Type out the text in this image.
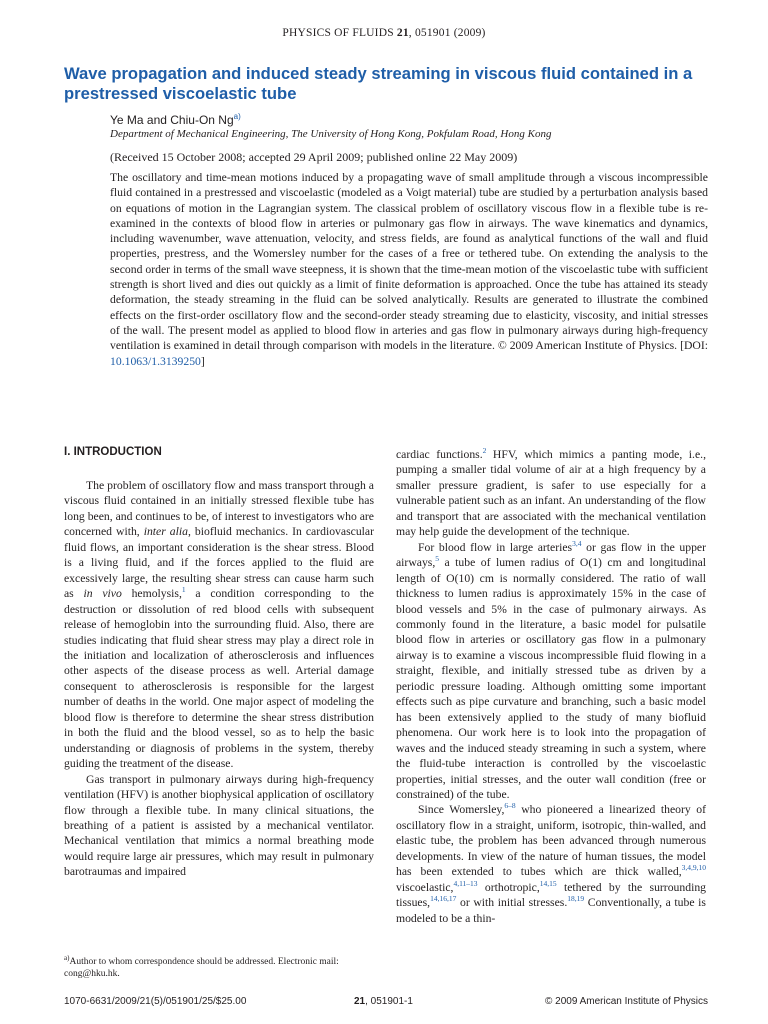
PHYSICS OF FLUIDS 21, 051901 (2009)
Wave propagation and induced steady streaming in viscous fluid contained in a prestressed viscoelastic tube
Ye Ma and Chiu-On Ng$^{a)}$
Department of Mechanical Engineering, The University of Hong Kong, Pokfulam Road, Hong Kong
(Received 15 October 2008; accepted 29 April 2009; published online 22 May 2009)

The oscillatory and time-mean motions induced by a propagating wave of small amplitude through a viscous incompressible fluid contained in a prestressed and viscoelastic (modeled as a Voigt material) tube are studied by a perturbation analysis based on equations of motion in the Lagrangian system. The classical problem of oscillatory viscous flow in a flexible tube is re-examined in the contexts of blood flow in arteries or pulmonary gas flow in airways. The wave kinematics and dynamics, including wavenumber, wave attenuation, velocity, and stress fields, are found as analytical functions of the wall and fluid properties, prestress, and the Womersley number for the cases of a free or tethered tube. On extending the analysis to the second order in terms of the small wave steepness, it is shown that the time-mean motion of the viscoelastic tube with sufficient strength is short lived and dies out quickly as a limit of finite deformation is approached. Once the tube has attained its steady deformation, the steady streaming in the fluid can be solved analytically. Results are generated to illustrate the combined effects on the first-order oscillatory flow and the second-order steady streaming due to elasticity, viscosity, and initial stresses of the wall. The present model as applied to blood flow in arteries and gas flow in pulmonary airways during high-frequency ventilation is examined in detail through comparison with models in the literature. © 2009 American Institute of Physics. [DOI: 10.1063/1.3139250]

I. INTRODUCTION

The problem of oscillatory flow and mass transport through a viscous fluid contained in an initially stressed flexible tube has long been, and continues to be, of interest to investigators who are concerned with, inter alia, biofluid mechanics. In cardiovascular fluid flows, an important consideration is the shear stress. Blood is a living fluid, and if the forces applied to the fluid are excessively large, the resulting shear stress can cause harm such as in vivo hemolysis,$^1$ a condition corresponding to the destruction or dissolution of red blood cells with subsequent release of hemoglobin into the surrounding fluid. Also, there are studies indicating that fluid shear stress may play a direct role in the initiation and localization of atherosclerosis and influences other aspects of the disease process as well. Arterial damage consequent to atherosclerosis is responsible for the largest number of deaths in the world. One major aspect of modeling the blood flow is therefore to determine the shear stress distribution in both the fluid and the blood vessel, so as to help the basic understanding or diagnosis of problems in the system, thereby guiding the treatment of the disease.

Gas transport in pulmonary airways during high-frequency ventilation (HFV) is another biophysical application of oscillatory flow through a flexible tube. In many clinical situations, the breathing of a patient is assisted by a mechanical ventilator. Mechanical ventilation that mimics a normal breathing mode would require large air pressures, which may result in pulmonary barotraumas and impaired

cardiac functions.$^2$ HFV, which mimics a panting mode, i.e., pumping a smaller tidal volume of air at a high frequency by a smaller pressure gradient, is safer to use especially for a vulnerable patient such as an infant. An understanding of the flow and transport that are associated with the mechanical ventilation may help guide the development of the technique.

For blood flow in large arteries$^{3,4}$ or gas flow in the upper airways,$^5$ a tube of lumen radius of O(1) cm and longitudinal length of O(10) cm is normally considered. The ratio of wall thickness to lumen radius is approximately 15% in the case of blood vessels and 5% in the case of pulmonary airways. As commonly found in the literature, a basic model for pulsatile blood flow in arteries or oscillatory gas flow in a pulmonary airway is to examine a viscous incompressible fluid flowing in a straight, flexible, and initially stressed tube as driven by a periodic pressure loading. Although omitting some important effects such as pipe curvature and branching, such a basic model has been extensively applied to the study of many biofluid phenomena. Our work here is to look into the propagation of waves and the induced steady streaming in such a system, where the fluid-tube interaction is controlled by the viscoelastic properties, initial stresses, and the outer wall condition (free or constrained) of the tube.

Since Womersley,$^{6-8}$ who pioneered a linearized theory of oscillatory flow in a straight, uniform, isotropic, thin-walled, and elastic tube, the problem has been advanced through numerous developments. In view of the nature of human tissues, the model has been extended to tubes which are thick walled,$^{3,4,9,10}$ viscoelastic,$^{4,11-13}$ orthotropic,$^{14,15}$ tethered by the surrounding tissues,$^{14,16,17}$ or with initial stresses.$^{18,19}$ Conventionally, a tube is modeled to be a thin-

$^{a)}$Author to whom correspondence should be addressed. Electronic mail: cong@hku.hk.
1070-6631/2009/21(5)/051901/25/$25.00	21, 051901-1	© 2009 American Institute of Physics
